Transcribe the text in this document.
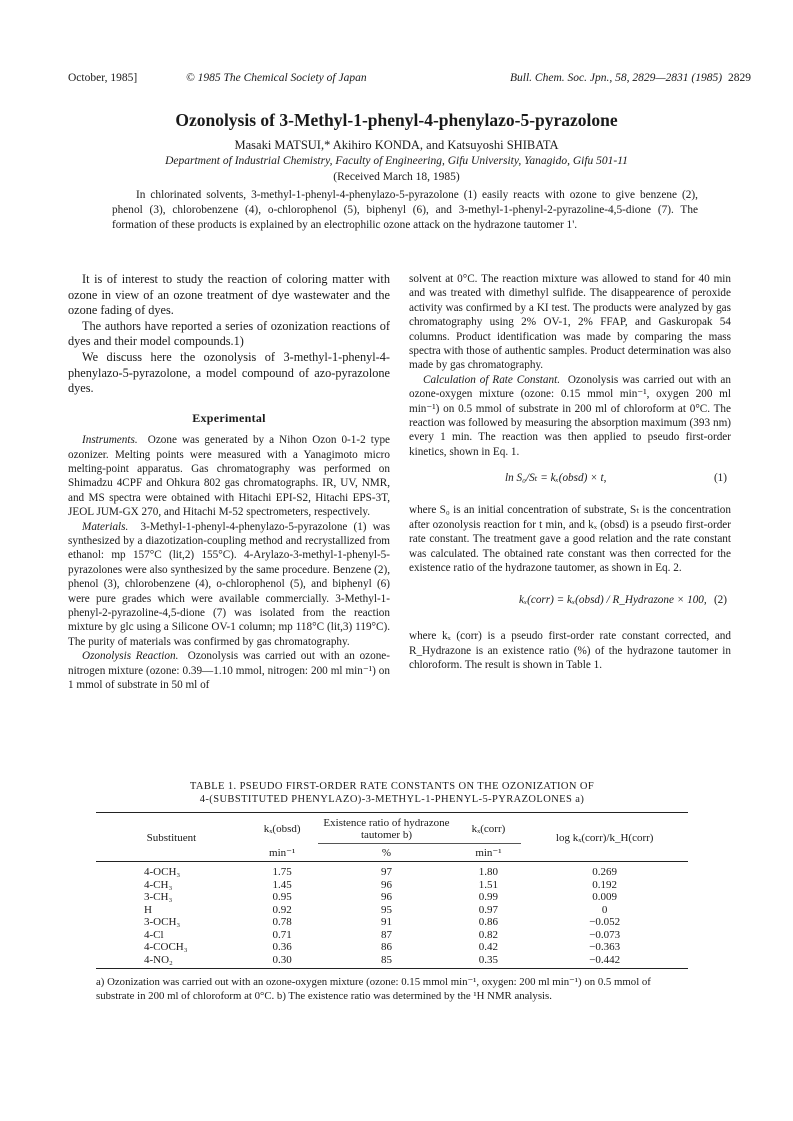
October, 1985]	© 1985 The Chemical Society of Japan	Bull. Chem. Soc. Jpn., 58, 2829—2831 (1985) 2829
Ozonolysis of 3-Methyl-1-phenyl-4-phenylazo-5-pyrazolone
Masaki MATSUI,* Akihiro KONDA, and Katsuyoshi SHIBATA
Department of Industrial Chemistry, Faculty of Engineering, Gifu University, Yanagido, Gifu 501-11
(Received March 18, 1985)
In chlorinated solvents, 3-methyl-1-phenyl-4-phenylazo-5-pyrazolone (1) easily reacts with ozone to give benzene (2), phenol (3), chlorobenzene (4), o-chlorophenol (5), biphenyl (6), and 3-methyl-1-phenyl-2-pyrazoline-4,5-dione (7). The formation of these products is explained by an electrophilic ozone attack on the hydrazone tautomer 1'.

It is of interest to study the reaction of coloring matter with ozone in view of an ozone treatment of dye wastewater and the ozone fading of dyes.

The authors have reported a series of ozonization reactions of dyes and their model compounds.1)

We discuss here the ozonolysis of 3-methyl-1-phenyl-4-phenylazo-5-pyrazolone, a model compound of azo-pyrazolone dyes.

Experimental

Instruments. Ozone was generated by a Nihon Ozon 0-1-2 type ozonizer. Melting points were measured with a Yanagimoto micro melting-point apparatus. Gas chromatography was performed on Shimadzu 4CPF and Ohkura 802 gas chromatographs. IR, UV, NMR, and MS spectra were obtained with Hitachi EPI-S2, Hitachi EPS-3T, JEOL JUM-GX 270, and Hitachi M-52 spectrometers, respectively.

Materials. 3-Methyl-1-phenyl-4-phenylazo-5-pyrazolone (1) was synthesized by a diazotization-coupling method and recrystallized from ethanol: mp 157°C (lit,2) 155°C). 4-Arylazo-3-methyl-1-phenyl-5-pyrazolones were also synthesized by the same procedure. Benzene (2), phenol (3), chlorobenzene (4), o-chlorophenol (5), and biphenyl (6) were pure grades which were available commercially. 3-Methyl-1-phenyl-2-pyrazoline-4,5-dione (7) was isolated from the reaction mixture by glc using a Silicone OV-1 column; mp 118°C (lit,3) 119°C). The purity of materials was confirmed by gas chromatography.

Ozonolysis Reaction. Ozonolysis was carried out with an ozone-nitrogen mixture (ozone: 0.39—1.10 mmol, nitrogen: 200 ml min⁻¹) on 1 mmol of substrate in 50 ml of

solvent at 0°C. The reaction mixture was allowed to stand for 40 min and was treated with dimethyl sulfide. The disappearence of peroxide activity was confirmed by a KI test. The products were analyzed by gas chromatography using 2% OV-1, 2% FFAP, and Gaskuropak 54 columns. Product identification was made by comparing the mass spectra with those of authentic samples. Product determination was also made by gas chromatography.

Calculation of Rate Constant. Ozonolysis was carried out with an ozone-oxygen mixture (ozone: 0.15 mmol min⁻¹, oxygen 200 ml min⁻¹) on 0.5 mmol of substrate in 200 ml of chloroform at 0°C. The reaction was followed by measuring the absorption maximum (393 nm) every 1 min. The reaction was then applied to pseudo first-order kinetics, shown in Eq. 1.

ln S₀/Sₜ = kₓ(obsd) × t,	(1)

where S₀ is an initial concentration of substrate, Sₜ is the concentration after ozonolysis reaction for t min, and kₓ (obsd) is a pseudo first-order rate constant. The treatment gave a good relation and the rate constant was calculated. The obtained rate constant was then corrected for the existence ratio of the hydrazone tautomer, as shown in Eq. 2.

kₓ(corr) = kₓ(obsd) / R_Hydrazone × 100, (2)

where kₓ (corr) is a pseudo first-order rate constant corrected, and R_Hydrazone is an existence ratio (%) of the hydrazone tautomer in chloroform. The result is shown in Table 1.

TABLE 1. PSEUDO FIRST-ORDER RATE CONSTANTS ON THE OZONIZATION OF
4-(SUBSTITUTED PHENYLAZO)-3-METHYL-1-PHENYL-5-PYRAZOLONES a)
Substituent	kₓ(obsd)	Existence ratio of hydrazone tautomer b)	kₓ(corr)	log kₓ(corr)/k_H(corr)
	min⁻¹	%	min⁻¹	
4-OCH₃	1.75	97	1.80	0.269
4-CH₃	1.45	96	1.51	0.192
3-CH₃	0.95	96	0.99	0.009
H	0.92	95	0.97	0
3-OCH₃	0.78	91	0.86	−0.052
4-Cl	0.71	87	0.82	−0.073
4-COCH₃	0.36	86	0.42	−0.363
4-NO₂	0.30	85	0.35	−0.442
a) Ozonization was carried out with an ozone-oxygen mixture (ozone: 0.15 mmol min⁻¹, oxygen: 200 ml min⁻¹) on 0.5 mmol of substrate in 200 ml of chloroform at 0°C. b) The existence ratio was determined by the ¹H NMR analysis.
